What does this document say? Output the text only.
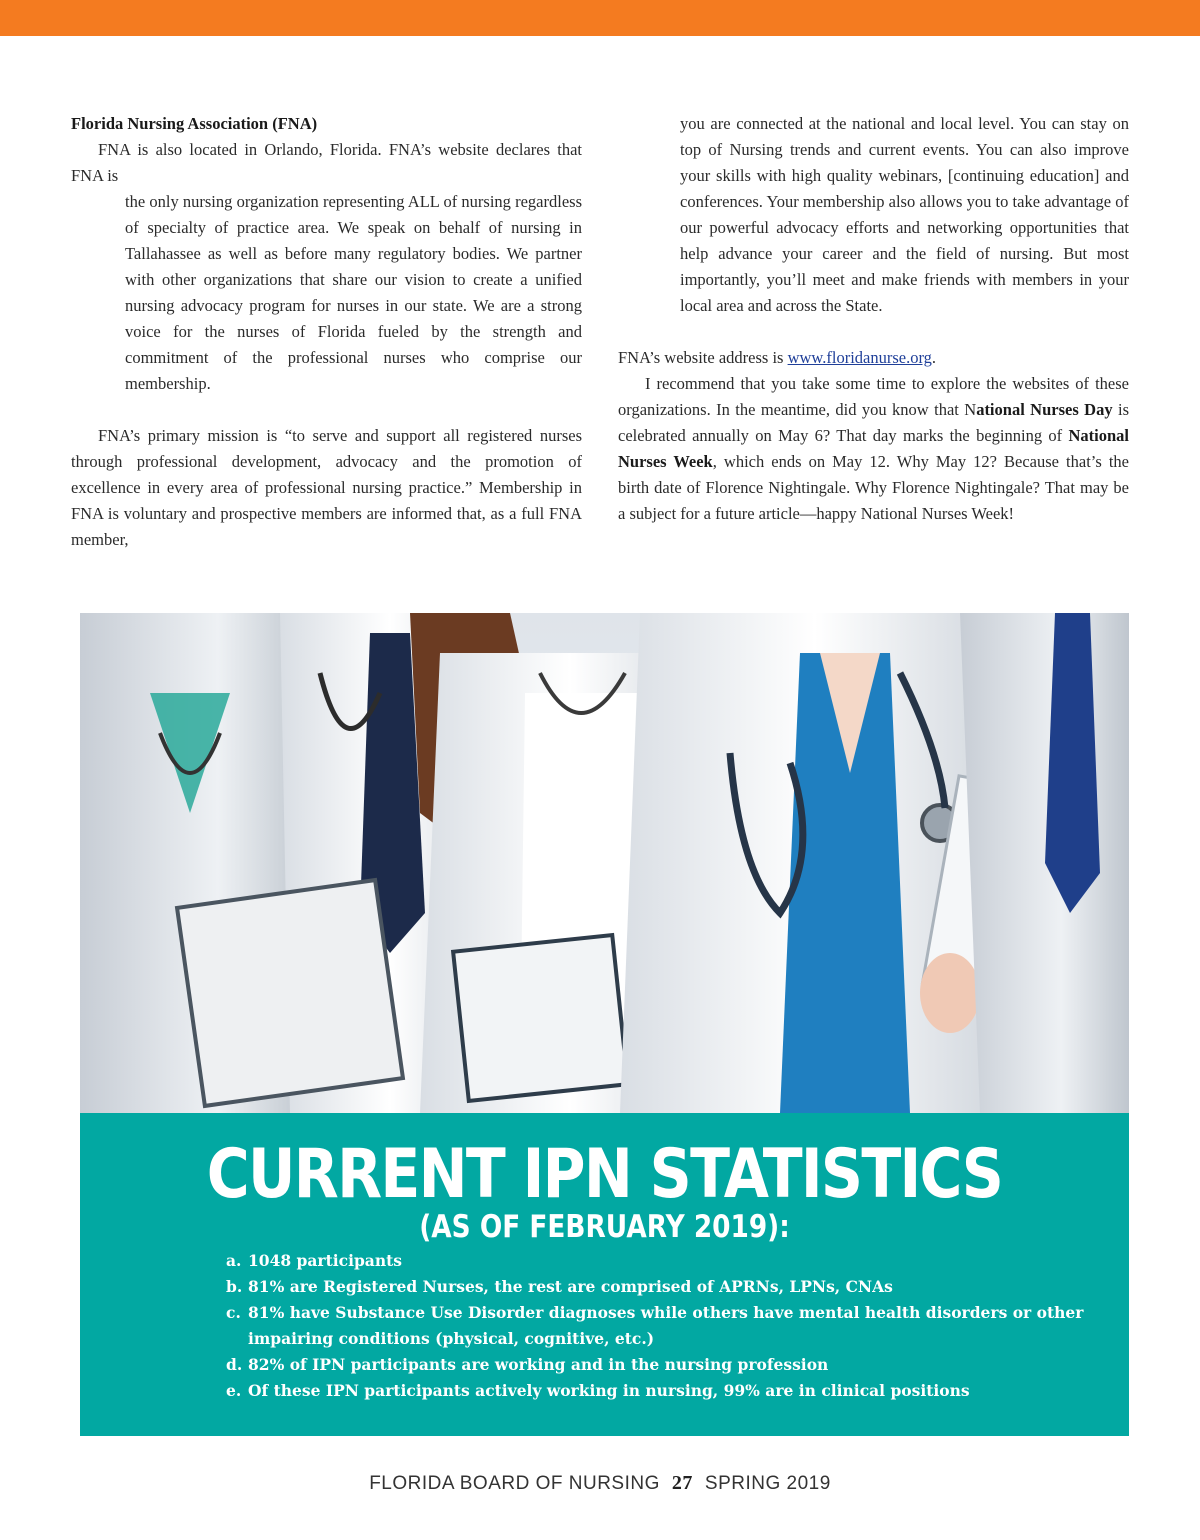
Florida Nursing Association (FNA)

FNA is also located in Orlando, Florida. FNA’s website declares that FNA is

the only nursing organization representing ALL of nursing regardless of specialty of practice area. We speak on behalf of nursing in Tallahassee as well as before many regulatory bodies. We partner with other organizations that share our vision to create a unified nursing advocacy program for nurses in our state. We are a strong voice for the nurses of Florida fueled by the strength and commitment of the professional nurses who comprise our membership.

FNA’s primary mission is “to serve and support all registered nurses through professional development, advocacy and the promotion of excellence in every area of professional nursing practice.” Membership in FNA is voluntary and prospective members are informed that, as a full FNA member,

you are connected at the national and local level. You can stay on top of Nursing trends and current events. You can also improve your skills with high quality webinars, [continuing education] and conferences. Your membership also allows you to take advantage of our powerful advocacy efforts and networking opportunities that help advance your career and the field of nursing. But most importantly, you’ll meet and make friends with members in your local area and across the State.

FNA’s website address is www.floridanurse.org.

I recommend that you take some time to explore the websites of these organizations. In the meantime, did you know that National Nurses Day is celebrated annually on May 6? That day marks the beginning of National Nurses Week, which ends on May 12. Why May 12? Because that’s the birth date of Florence Nightingale. Why Florence Nightingale? That may be a subject for a future article—happy National Nurses Week!

CURRENT IPN STATISTICS
(AS OF FEBRUARY 2019):
a. 1048 participants
b. 81% are Registered Nurses, the rest are comprised of APRNs, LPNs, CNAs
c. 81% have Substance Use Disorder diagnoses while others have mental health disorders or other impairing conditions (physical, cognitive, etc.)
d. 82% of IPN participants are working and in the nursing profession
e. Of these IPN participants actively working in nursing, 99% are in clinical positions
FLORIDA BOARD OF NURSING 27 SPRING 2019
